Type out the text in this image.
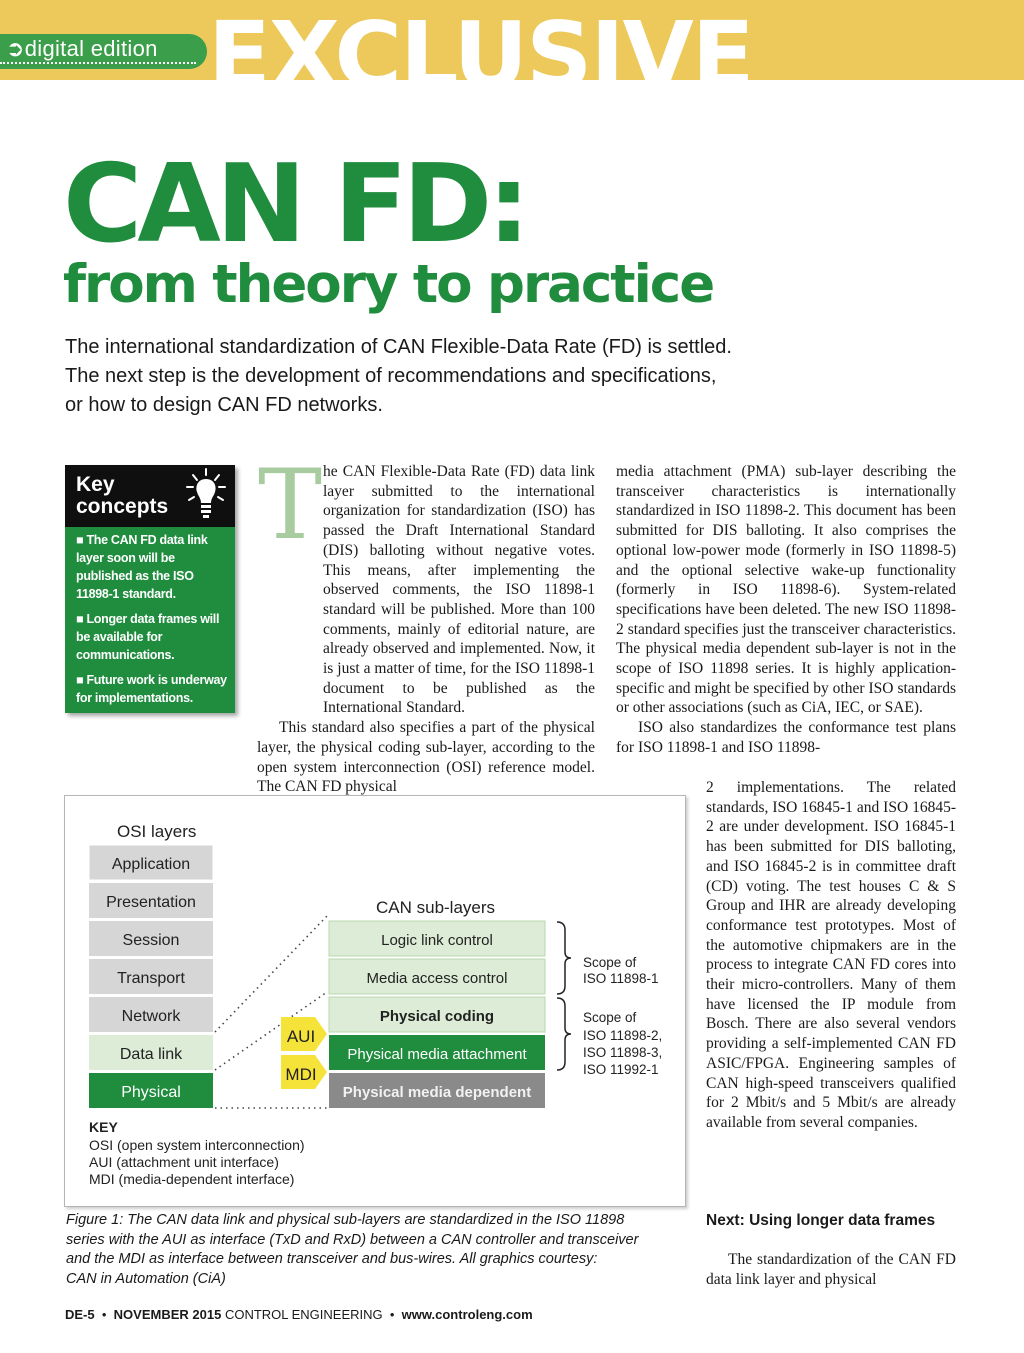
EXCLUSIVE
➲digital edition
CAN FD:
from theory to practice
The international standardization of CAN Flexible-Data Rate (FD) is settled.
The next step is the development of recommendations and specifications,
or how to design CAN FD networks.
Key
concepts
■ The CAN FD data link layer soon will be published as the ISO 11898-1 standard.
■ Longer data frames will be available for communications.
■ Future work is underway for implementations.
T he CAN Flexible-Data Rate (FD) data link layer submitted to the international organization for standardization (ISO) has passed the Draft International Standard (DIS) balloting without negative votes. This means, after implementing the observed comments, the ISO 11898-1 standard will be published. More than 100 comments, mainly of editorial nature, are already observed and implemented. Now, it is just a matter of time, for the ISO 11898-1 document to be published as the International Standard.

This standard also specifies a part of the physical layer, the physical coding sub-layer, according to the open system interconnection (OSI) reference model. The CAN FD physical

media attachment (PMA) sub-layer describing the transceiver characteristics is internationally standardized in ISO 11898-2. This document has been submitted for DIS balloting. It also comprises the optional low-power mode (formerly in ISO 11898-5) and the optional selective wake-up functionality (formerly in ISO 11898-6). System-related specifications have been deleted. The new ISO 11898-2 standard specifies just the transceiver characteristics. The physical media dependent sub-layer is not in the scope of ISO 11898 series. It is highly application-specific and might be specified by other ISO standards or other associations (such as CiA, IEC, or SAE).

ISO also standardizes the conformance test plans for ISO 11898-1 and ISO 11898-

2 implementations. The related standards, ISO 16845-1 and ISO 16845-2 are under development. ISO 16845-1 has been submitted for DIS balloting, and ISO 16845-2 is in committee draft (CD) voting. The test houses C & S Group and IHR are already developing conformance test prototypes. Most of the automotive chipmakers are in the process to integrate CAN FD cores into their micro-controllers. Many of them have licensed the IP module from Bosch. There are also several vendors providing a self-implemented CAN FD ASIC/FPGA. Engineering samples of CAN high-speed transceivers qualified for 2 Mbit/s and 5 Mbit/s are already available from several companies.

Next: Using longer data frames

The standardization of the CAN FD data link layer and physical

OSI layers
Application
Presentation
Session
Transport
Network
Data link
Physical
CAN sub-layers
Logic link control
Media access control
Physical coding
Physical media attachment
Physical media dependent
AUI
MDI
Scope of
ISO 11898-1
Scope of
ISO 11898-2,
ISO 11898-3,
ISO 11992-1
KEY
OSI (open system interconnection)
AUI (attachment unit interface)
MDI (media-dependent interface)
Figure 1: The CAN data link and physical sub-layers are standardized in the ISO 11898
series with the AUI as interface (TxD and RxD) between a CAN controller and transceiver
and the MDI as interface between transceiver and bus-wires. All graphics courtesy:
CAN in Automation (CiA)
DE-5  •  NOVEMBER 2015 CONTROL ENGINEERING  •  www.controleng.com
